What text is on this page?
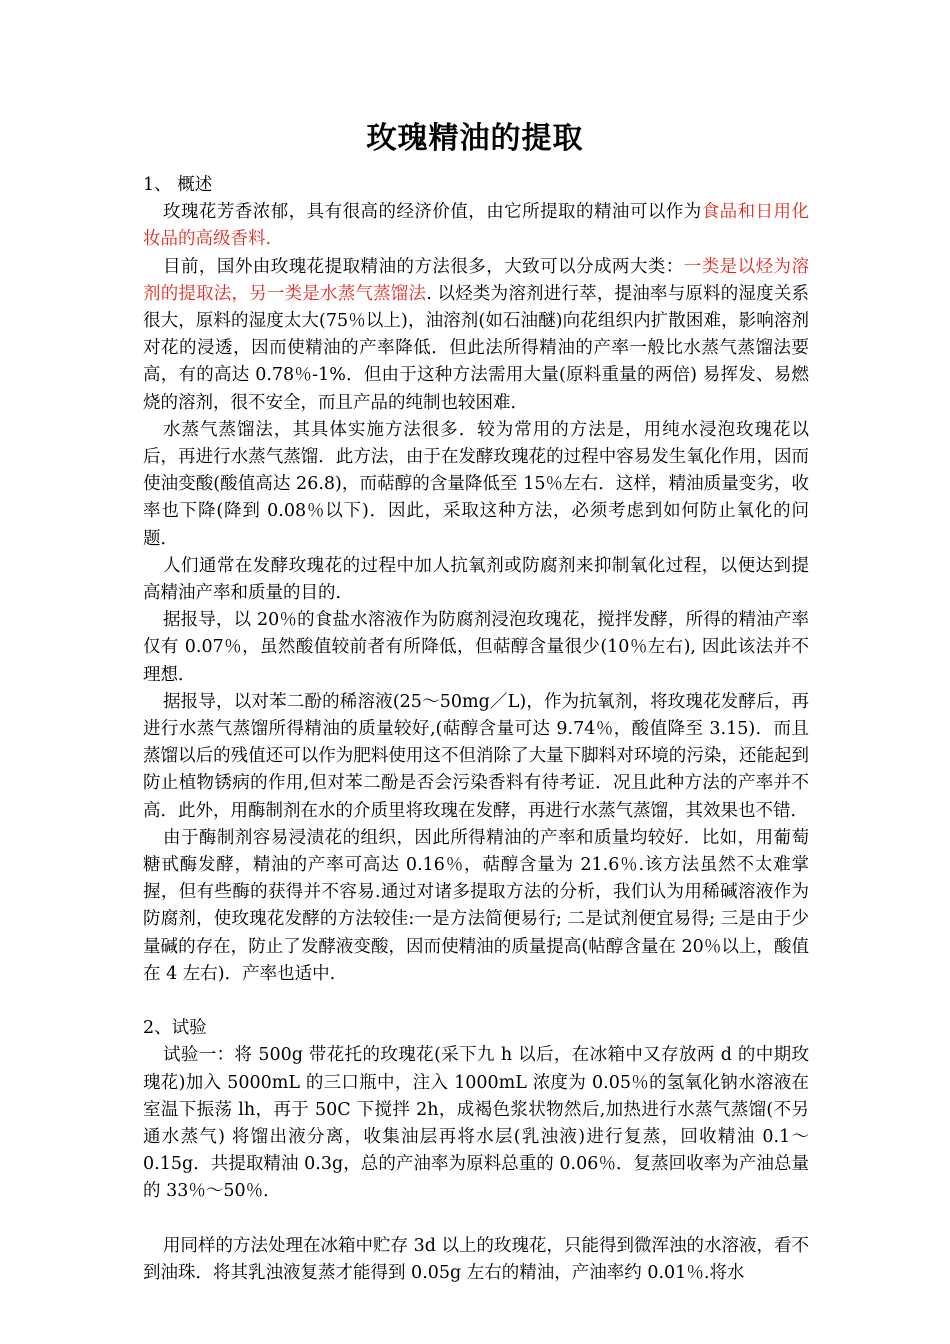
玫瑰精油的提取

1、 概述

玫瑰花芳香浓郁，具有很高的经济价值，由它所提取的精油可以作为食品和日用化妆品的高级香料.

目前，国外由玫瑰花提取精油的方法很多，大致可以分成两大类：一类是以烃为溶剂的提取法，另一类是水蒸气蒸馏法. 以烃类为溶剂进行萃，提油率与原料的湿度关系很大，原料的湿度太大(75％以上)，油溶剂(如石油醚)向花组织内扩散困难，影响溶剂对花的浸透，因而使精油的产率降低．但此法所得精油的产率一般比水蒸气蒸馏法要高，有的高达 0.78％-1%．但由于这种方法需用大量(原料重量的两倍) 易挥发、易燃烧的溶剂，很不安全，而且产品的纯制也较困难．

水蒸气蒸馏法，其具体实施方法很多．较为常用的方法是，用纯水浸泡玫瑰花以后，再进行水蒸气蒸馏．此方法，由于在发酵玫瑰花的过程中容易发生氧化作用，因而使油变酸(酸值高达 26.8)，而萜醇的含量降低至 15％左右．这样，精油质量变劣，收率也下降(降到 0.08％以下)．因此，采取这种方法，必须考虑到如何防止氧化的问题．

人们通常在发酵玫瑰花的过程中加人抗氧剂或防腐剂来抑制氧化过程，以便达到提高精油产率和质量的目的．

据报导，以 20％的食盐水溶液作为防腐剂浸泡玫瑰花，搅拌发酵，所得的精油产率仅有 0.07％，虽然酸值较前者有所降低，但萜醇含量很少(10％左右), 因此该法并不理想．

据报导，以对苯二酚的稀溶液(25～50mg／L)，作为抗氧剂，将玫瑰花发酵后，再进行水蒸气蒸馏所得精油的质量较好,(萜醇含量可达 9.74％，酸值降至 3.15)．而且蒸馏以后的残值还可以作为肥料使用这不但消除了大量下脚料对环境的污染，还能起到防止植物锈病的作用,但对苯二酚是否会污染香料有待考证．况且此种方法的产率并不高．此外，用酶制剂在水的介质里将玫瑰在发酵，再进行水蒸气蒸馏，其效果也不错．

由于酶制剂容易浸渍花的组织，因此所得精油的产率和质量均较好．比如，用葡萄糖甙酶发酵，精油的产率可高达 0.16％，萜醇含量为 21.6％.该方法虽然不太难掌握，但有些酶的获得并不容易.通过对诸多提取方法的分析，我们认为用稀碱溶液作为防腐剂，使玫瑰花发酵的方法较佳:一是方法简便易行; 二是试剂便宜易得; 三是由于少量碱的存在，防止了发酵液变酸，因而使精油的质量提高(帖醇含量在 20％以上，酸值在 4 左右)．产率也适中.

2、试验

试验一：将 500g 带花托的玫瑰花(采下九 h 以后，在冰箱中又存放两 d 的中期玫瑰花)加入 5000mL 的三口瓶中，注入 1000mL 浓度为 0.05％的氢氧化钠水溶液在室温下振荡 lh，再于 50C 下搅拌 2h，成褐色浆状物然后,加热进行水蒸气蒸馏(不另通水蒸气) 将馏出液分离，收集油层再将水层(乳浊液)进行复蒸，回收精油 0.1～0.15g．共提取精油 0.3g，总的产油率为原料总重的 0.06％．复蒸回收率为产油总量的 33％～50％．

用同样的方法处理在冰箱中贮存 3d 以上的玫瑰花，只能得到微浑浊的水溶液，看不到油珠．将其乳浊液复蒸才能得到 0.05g 左右的精油，产油率约 0.01％.将水
